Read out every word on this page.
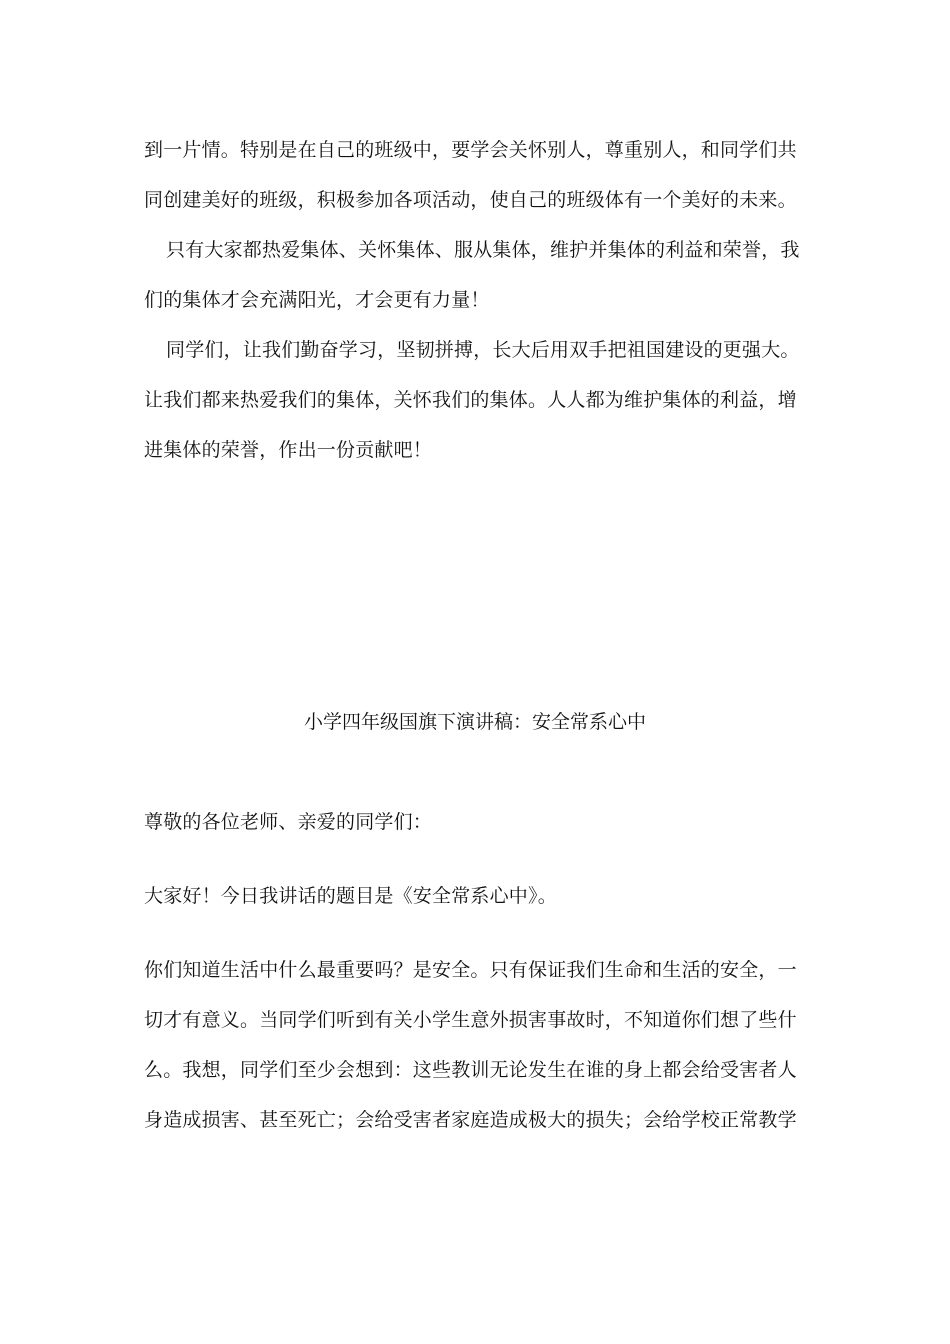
到一片情。特别是在自己的班级中，要学会关怀别人，尊重别人，和同学们共
同创建美好的班级，积极参加各项活动，使自己的班级体有一个美好的未来。
只有大家都热爱集体、关怀集体、服从集体，维护并集体的利益和荣誉，我
们的集体才会充满阳光，才会更有力量！
同学们，让我们勤奋学习，坚韧拼搏，长大后用双手把祖国建设的更强大。
让我们都来热爱我们的集体，关怀我们的集体。人人都为维护集体的利益，增
进集体的荣誉，作出一份贡献吧！
小学四年级国旗下演讲稿：安全常系心中
尊敬的各位老师、亲爱的同学们：
大家好！今日我讲话的题目是《安全常系心中》。
你们知道生活中什么最重要吗？是安全。只有保证我们生命和生活的安全，一
切才有意义。当同学们听到有关小学生意外损害事故时，不知道你们想了些什
么。我想，同学们至少会想到：这些教训无论发生在谁的身上都会给受害者人
身造成损害、甚至死亡；会给受害者家庭造成极大的损失；会给学校正常教学
